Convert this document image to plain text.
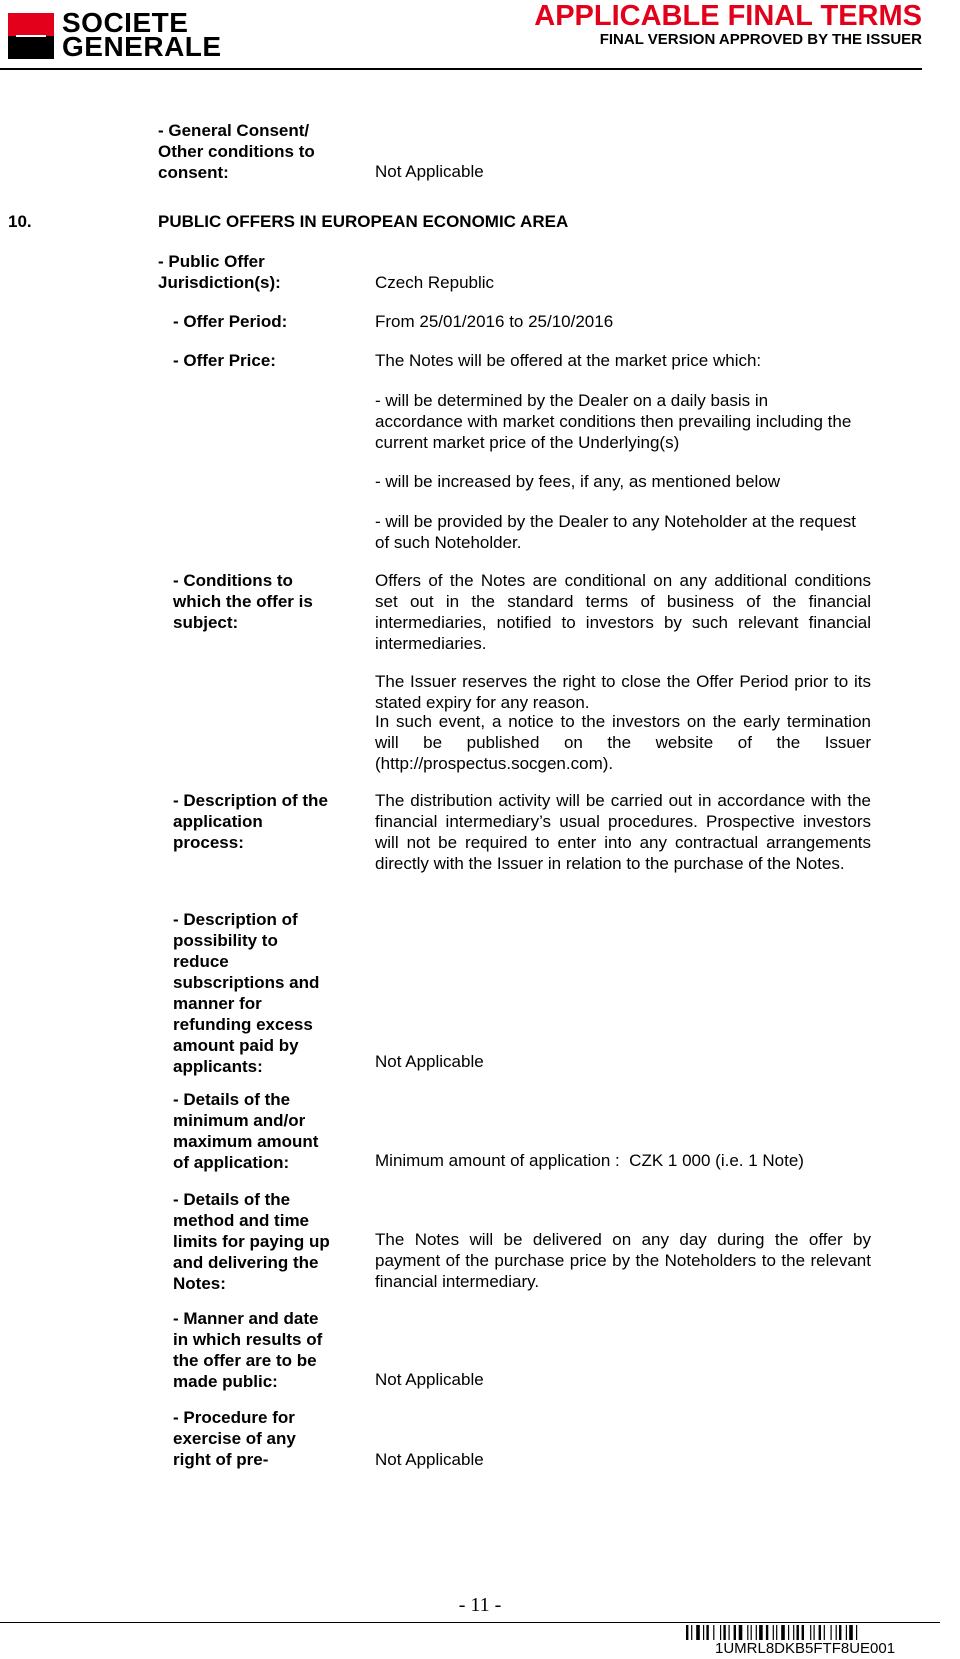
SOCIETE
GENERALE
APPLICABLE FINAL TERMS
FINAL VERSION APPROVED BY THE ISSUER
- General Consent/
Other conditions to
consent:	Not Applicable
10.	PUBLIC OFFERS IN EUROPEAN ECONOMIC AREA
- Public Offer
Jurisdiction(s):	Czech Republic
- Offer Period:	From 25/01/2016 to 25/10/2016
- Offer Price:	The Notes will be offered at the market price which:
- will be determined by the Dealer on a daily basis in
accordance with market conditions then prevailing including the
current market price of the Underlying(s)
- will be increased by fees, if any, as mentioned below
- will be provided by the Dealer to any Noteholder at the request
of such Noteholder.
- Conditions to
which the offer is
subject:
Offers of the Notes are conditional on any additional conditions set out in the standard terms of business of the financial intermediaries, notified to investors by such relevant financial intermediaries.
The Issuer reserves the right to close the Offer Period prior to its stated expiry for any reason.
In such event, a notice to the investors on the early termination will be published on the website of the Issuer (http://prospectus.socgen.com).
- Description of the
application
process:
The distribution activity will be carried out in accordance with the financial intermediary’s usual procedures. Prospective investors will not be required to enter into any contractual arrangements directly with the Issuer in relation to the purchase of the Notes.
- Description of
possibility to
reduce
subscriptions and
manner for
refunding excess
amount paid by
applicants:	Not Applicable
- Details of the
minimum and/or
maximum amount
of application:	Minimum amount of application :  CZK 1 000 (i.e. 1 Note)
- Details of the
method and time
limits for paying up
and delivering the
Notes:
The Notes will be delivered on any day during the offer by payment of the purchase price by the Noteholders to the relevant financial intermediary.
- Manner and date
in which results of
the offer are to be
made public:	Not Applicable
- Procedure for
exercise of any
right of pre-	Not Applicable
- 11 -
1UMRL8DKB5FTF8UE001
